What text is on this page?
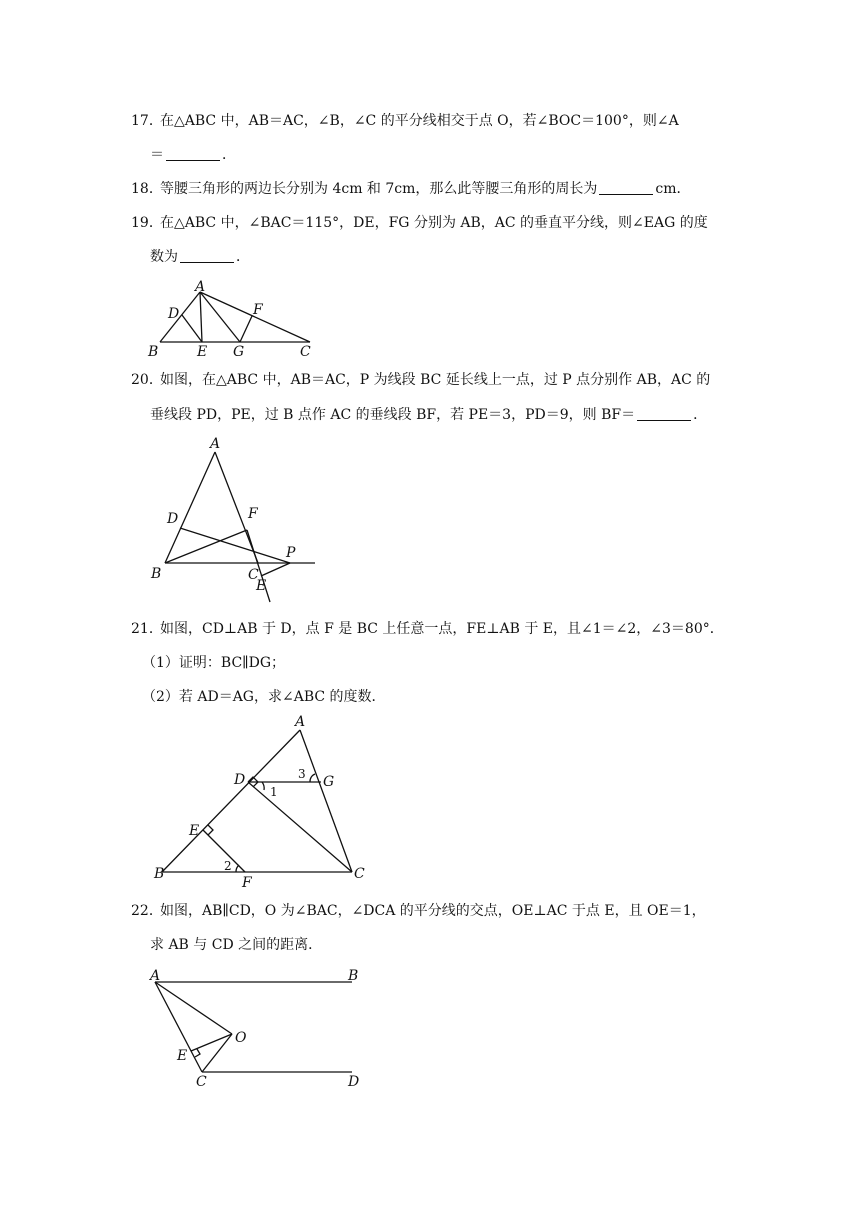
17．
在△ABC 中，AB＝AC，∠B，∠C 的平分线相交于点 O，若∠BOC＝100°，则∠A
＝	．
18．
等腰三角形的两边长分别为 4cm 和 7cm，那么此等腰三角形的周长为	cm．
19．
在△ABC 中，∠BAC＝115°，DE，FG 分别为 AB，AC 的垂直平分线，则∠EAG 的度
数为	．
A
B	C
D
E
F
G
20．
如图，在△ABC 中，AB＝AC，P 为线段 BC 延长线上一点，过 P 点分别作 AB，AC 的
垂线段 PD，PE，过 B 点作 AC 的垂线段 BF，若 PE＝3，PD＝9，则 BF＝	．
A
B	C
D
E
F
P
21．
如图，CD⊥AB 于 D，点 F 是 BC 上任意一点，FE⊥AB 于 E，且∠1＝∠2，∠3＝80°．
（1）证明：BC∥DG；
（2）若 AD＝AG，求∠ABC 的度数．
A
B	C
D
E
F
G
1
2
3
22．
如图，AB∥CD，O 为∠BAC，∠DCA 的平分线的交点，OE⊥AC 于点 E，且 OE＝1，
求 AB 与 CD 之间的距离．
A	B
C	D
E
O
